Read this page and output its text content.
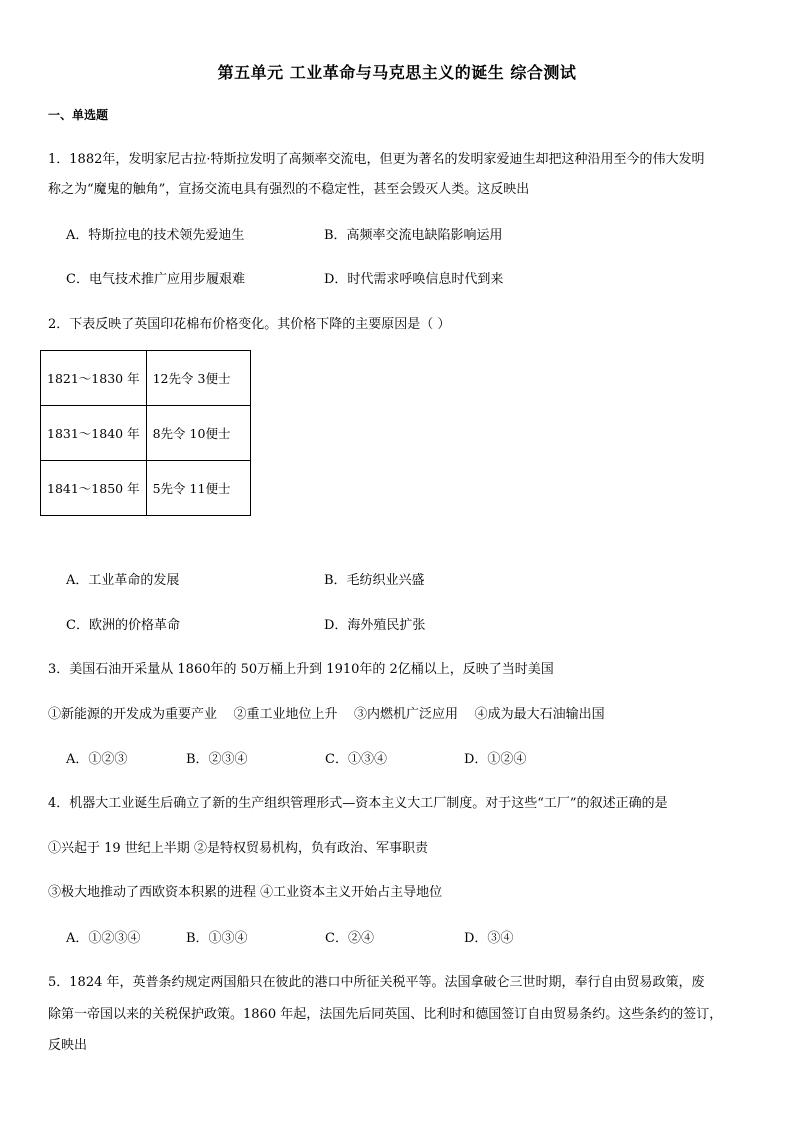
第五单元 工业革命与马克思主义的诞生 综合测试
一、单选题
1．1882年，发明家尼古拉·特斯拉发明了高频率交流电，但更为著名的发明家爱迪生却把这种沿用至今的伟大发明
称之为“魔鬼的触角”，宣扬交流电具有强烈的不稳定性，甚至会毁灭人类。这反映出
A．特斯拉电的技术领先爱迪生	B．高频率交流电缺陷影响运用
C．电气技术推广应用步履艰难	D．时代需求呼唤信息时代到来
2．下表反映了英国印花棉布价格变化。其价格下降的主要原因是（ ）
1821～1830 年	12先令 3便士
1831～1840 年	8先令 10便士
1841～1850 年	5先令 11便士
A．工业革命的发展	B．毛纺织业兴盛
C．欧洲的价格革命	D．海外殖民扩张
3．美国石油开采量从 1860年的 50万桶上升到 1910年的 2亿桶以上，反映了当时美国
①新能源的开发成为重要产业    ②重工业地位上升    ③内燃机广泛应用    ④成为最大石油输出国
A．①②③	B．②③④	C．①③④	D．①②④
4．机器大工业诞生后确立了新的生产组织管理形式—资本主义大工厂制度。对于这些“工厂”的叙述正确的是
①兴起于 19 世纪上半期 ②是特权贸易机构，负有政治、军事职责
③极大地推动了西欧资本积累的进程 ④工业资本主义开始占主导地位
A．①②③④	B．①③④	C．②④	D．③④
5．1824 年，英普条约规定两国船只在彼此的港口中所征关税平等。法国拿破仑三世时期，奉行自由贸易政策，废
除第一帝国以来的关税保护政策。1860 年起，法国先后同英国、比利时和德国签订自由贸易条约。这些条约的签订，
反映出
